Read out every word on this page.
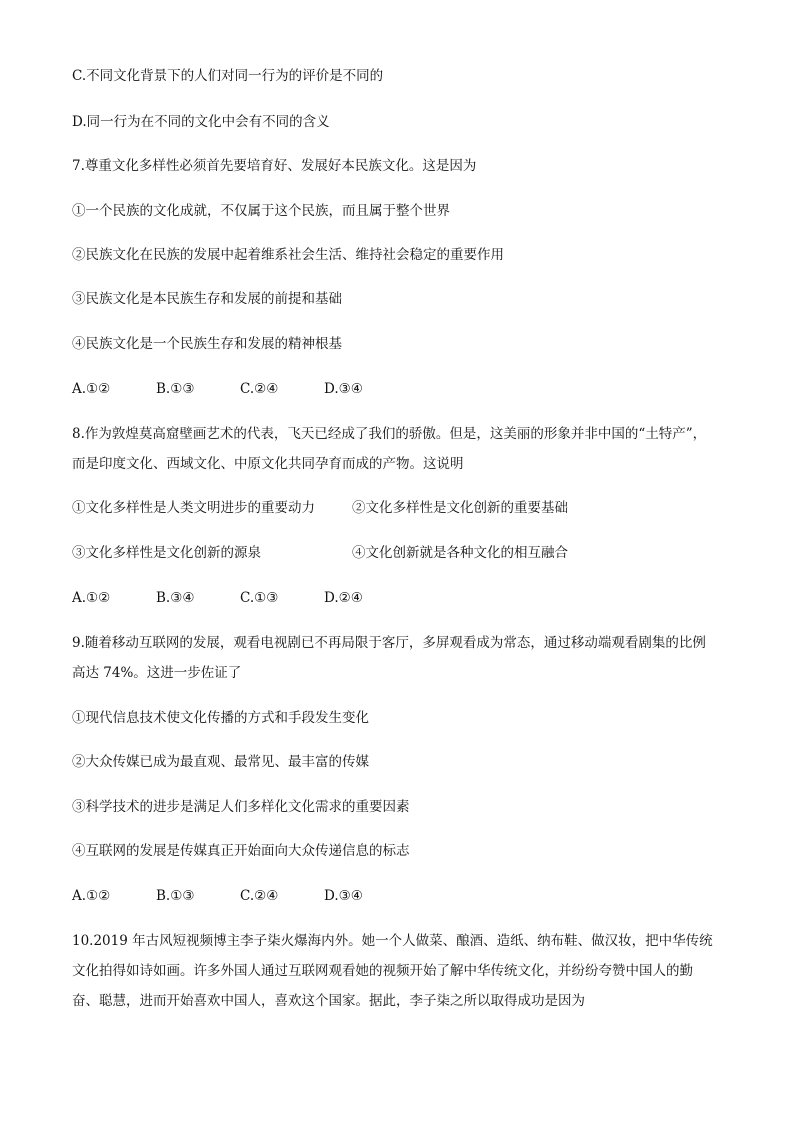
C.不同文化背景下的人们对同一行为的评价是不同的
D.同一行为在不同的文化中会有不同的含义
7.尊重文化多样性必须首先要培育好、发展好本民族文化。这是因为
①一个民族的文化成就，不仅属于这个民族，而且属于整个世界
②民族文化在民族的发展中起着维系社会生活、维持社会稳定的重要作用
③民族文化是本民族生存和发展的前提和基础
④民族文化是一个民族生存和发展的精神根基
A.①②	B.①③	C.②④	D.③④
8.作为敦煌莫高窟壁画艺术的代表，飞天已经成了我们的骄傲。但是，这美丽的形象并非中国的“土特产”，
而是印度文化、西域文化、中原文化共同孕育而成的产物。这说明
①文化多样性是人类文明进步的重要动力	②文化多样性是文化创新的重要基础
③文化多样性是文化创新的源泉	④文化创新就是各种文化的相互融合
A.①②	B.③④	C.①③	D.②④
9.随着移动互联网的发展，观看电视剧已不再局限于客厅，多屏观看成为常态，通过移动端观看剧集的比例
高达 74%。这进一步佐证了
①现代信息技术使文化传播的方式和手段发生变化
②大众传媒已成为最直观、最常见、最丰富的传媒
③科学技术的进步是满足人们多样化文化需求的重要因素
④互联网的发展是传媒真正开始面向大众传递信息的标志
A.①②	B.①③	C.②④	D.③④
10.2019 年古风短视频博主李子柒火爆海内外。她一个人做菜、酿酒、造纸、纳布鞋、做汉妆，把中华传统
文化拍得如诗如画。许多外国人通过互联网观看她的视频开始了解中华传统文化，并纷纷夸赞中国人的勤
奋、聪慧，进而开始喜欢中国人，喜欢这个国家。据此，李子柒之所以取得成功是因为
